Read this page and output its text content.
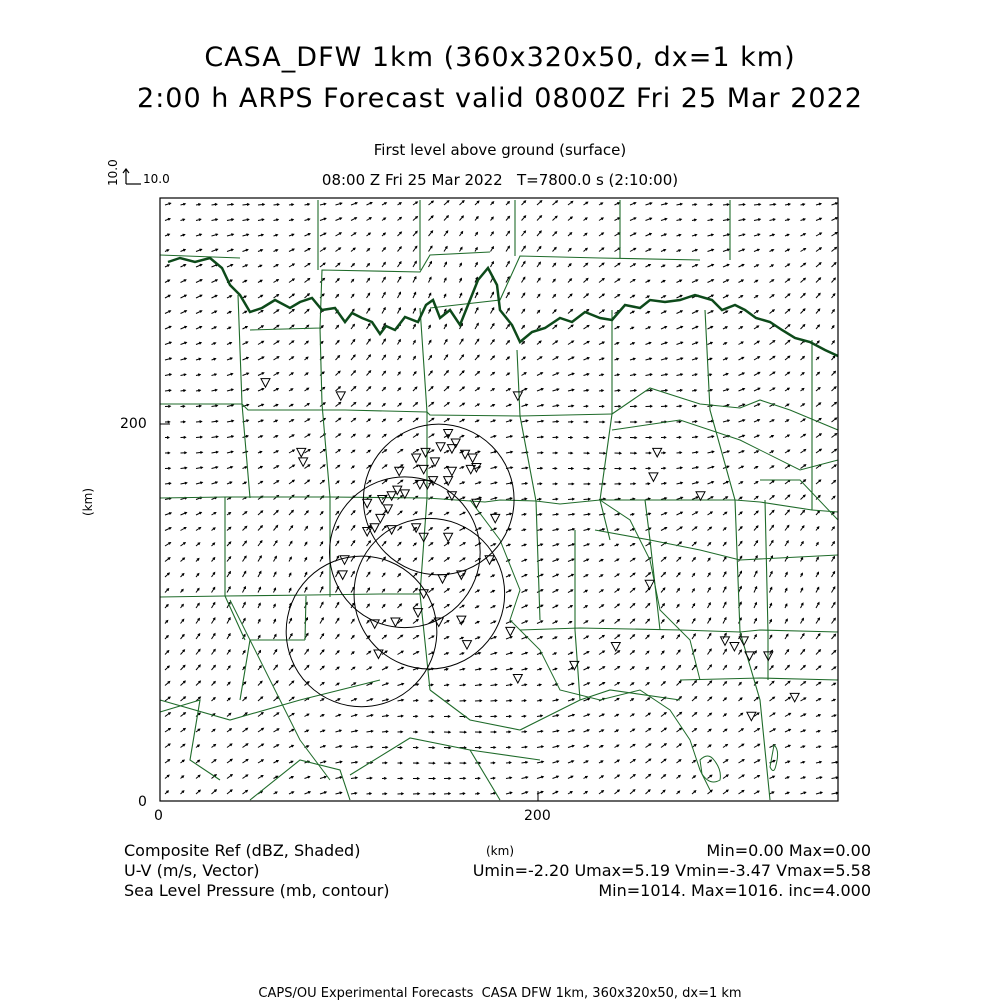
CASA_DFW 1km (360x320x50, dx=1 km)
2:00 h ARPS Forecast valid 0800Z Fri 25 Mar 2022
First level above ground (surface)
08:00 Z Fri 25 Mar 2022   T=7800.0 s (2:10:00)
10.0 10.0
0	200
0
200
(km)
(km)
Composite Ref (dBZ, Shaded)	Min=0.00 Max=0.00
U-V (m/s, Vector)	Umin=-2.20 Umax=5.19 Vmin=-3.47 Vmax=5.58
Sea Level Pressure (mb, contour)	Min=1014. Max=1016. inc=4.000
CAPS/OU Experimental Forecasts  CASA DFW 1km, 360x320x50, dx=1 km
